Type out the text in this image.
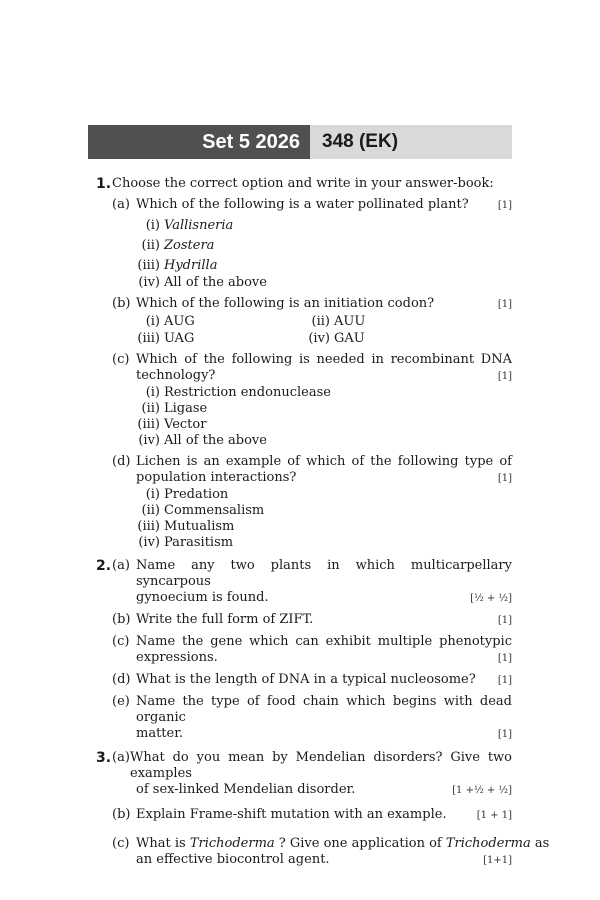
Set 5 2026	348 (EK)
1. Choose the correct option and write in your answer-book:
(a) Which of the following is a water pollinated plant?	[1]
(i) Vallisneria
(ii) Zostera
(iii) Hydrilla
(iv) All of the above
(b) Which of the following is an initiation codon?	[1]
(i) AUG	(ii) AUU
(iii) UAG	(iv) GAU
(c) Which of the following is needed in recombinant DNA
technology?	[1]
(i) Restriction endonuclease
(ii) Ligase
(iii) Vector
(iv) All of the above
(d) Lichen is an example of which of the following type of
population interactions?	[1]
(i) Predation
(ii) Commensalism
(iii) Mutualism
(iv) Parasitism
2. (a) Name any two plants in which multicarpellary syncarpous
gynoecium is found.	[½ + ½]
(b) Write the full form of ZIFT.	[1]
(c) Name the gene which can exhibit multiple phenotypic
expressions.	[1]
(d) What is the length of DNA in a typical nucleosome?	[1]
(e) Name the type of food chain which begins with dead organic
matter.	[1]
3. (a) What do you mean by Mendelian disorders? Give two examples
of sex-linked Mendelian disorder.	[1 +½ + ½]
(b) Explain Frame-shift mutation with an example.	[1 + 1]
(c) What is Trichoderma ? Give one application of Trichoderma as
an effective biocontrol agent.	[1+1]
